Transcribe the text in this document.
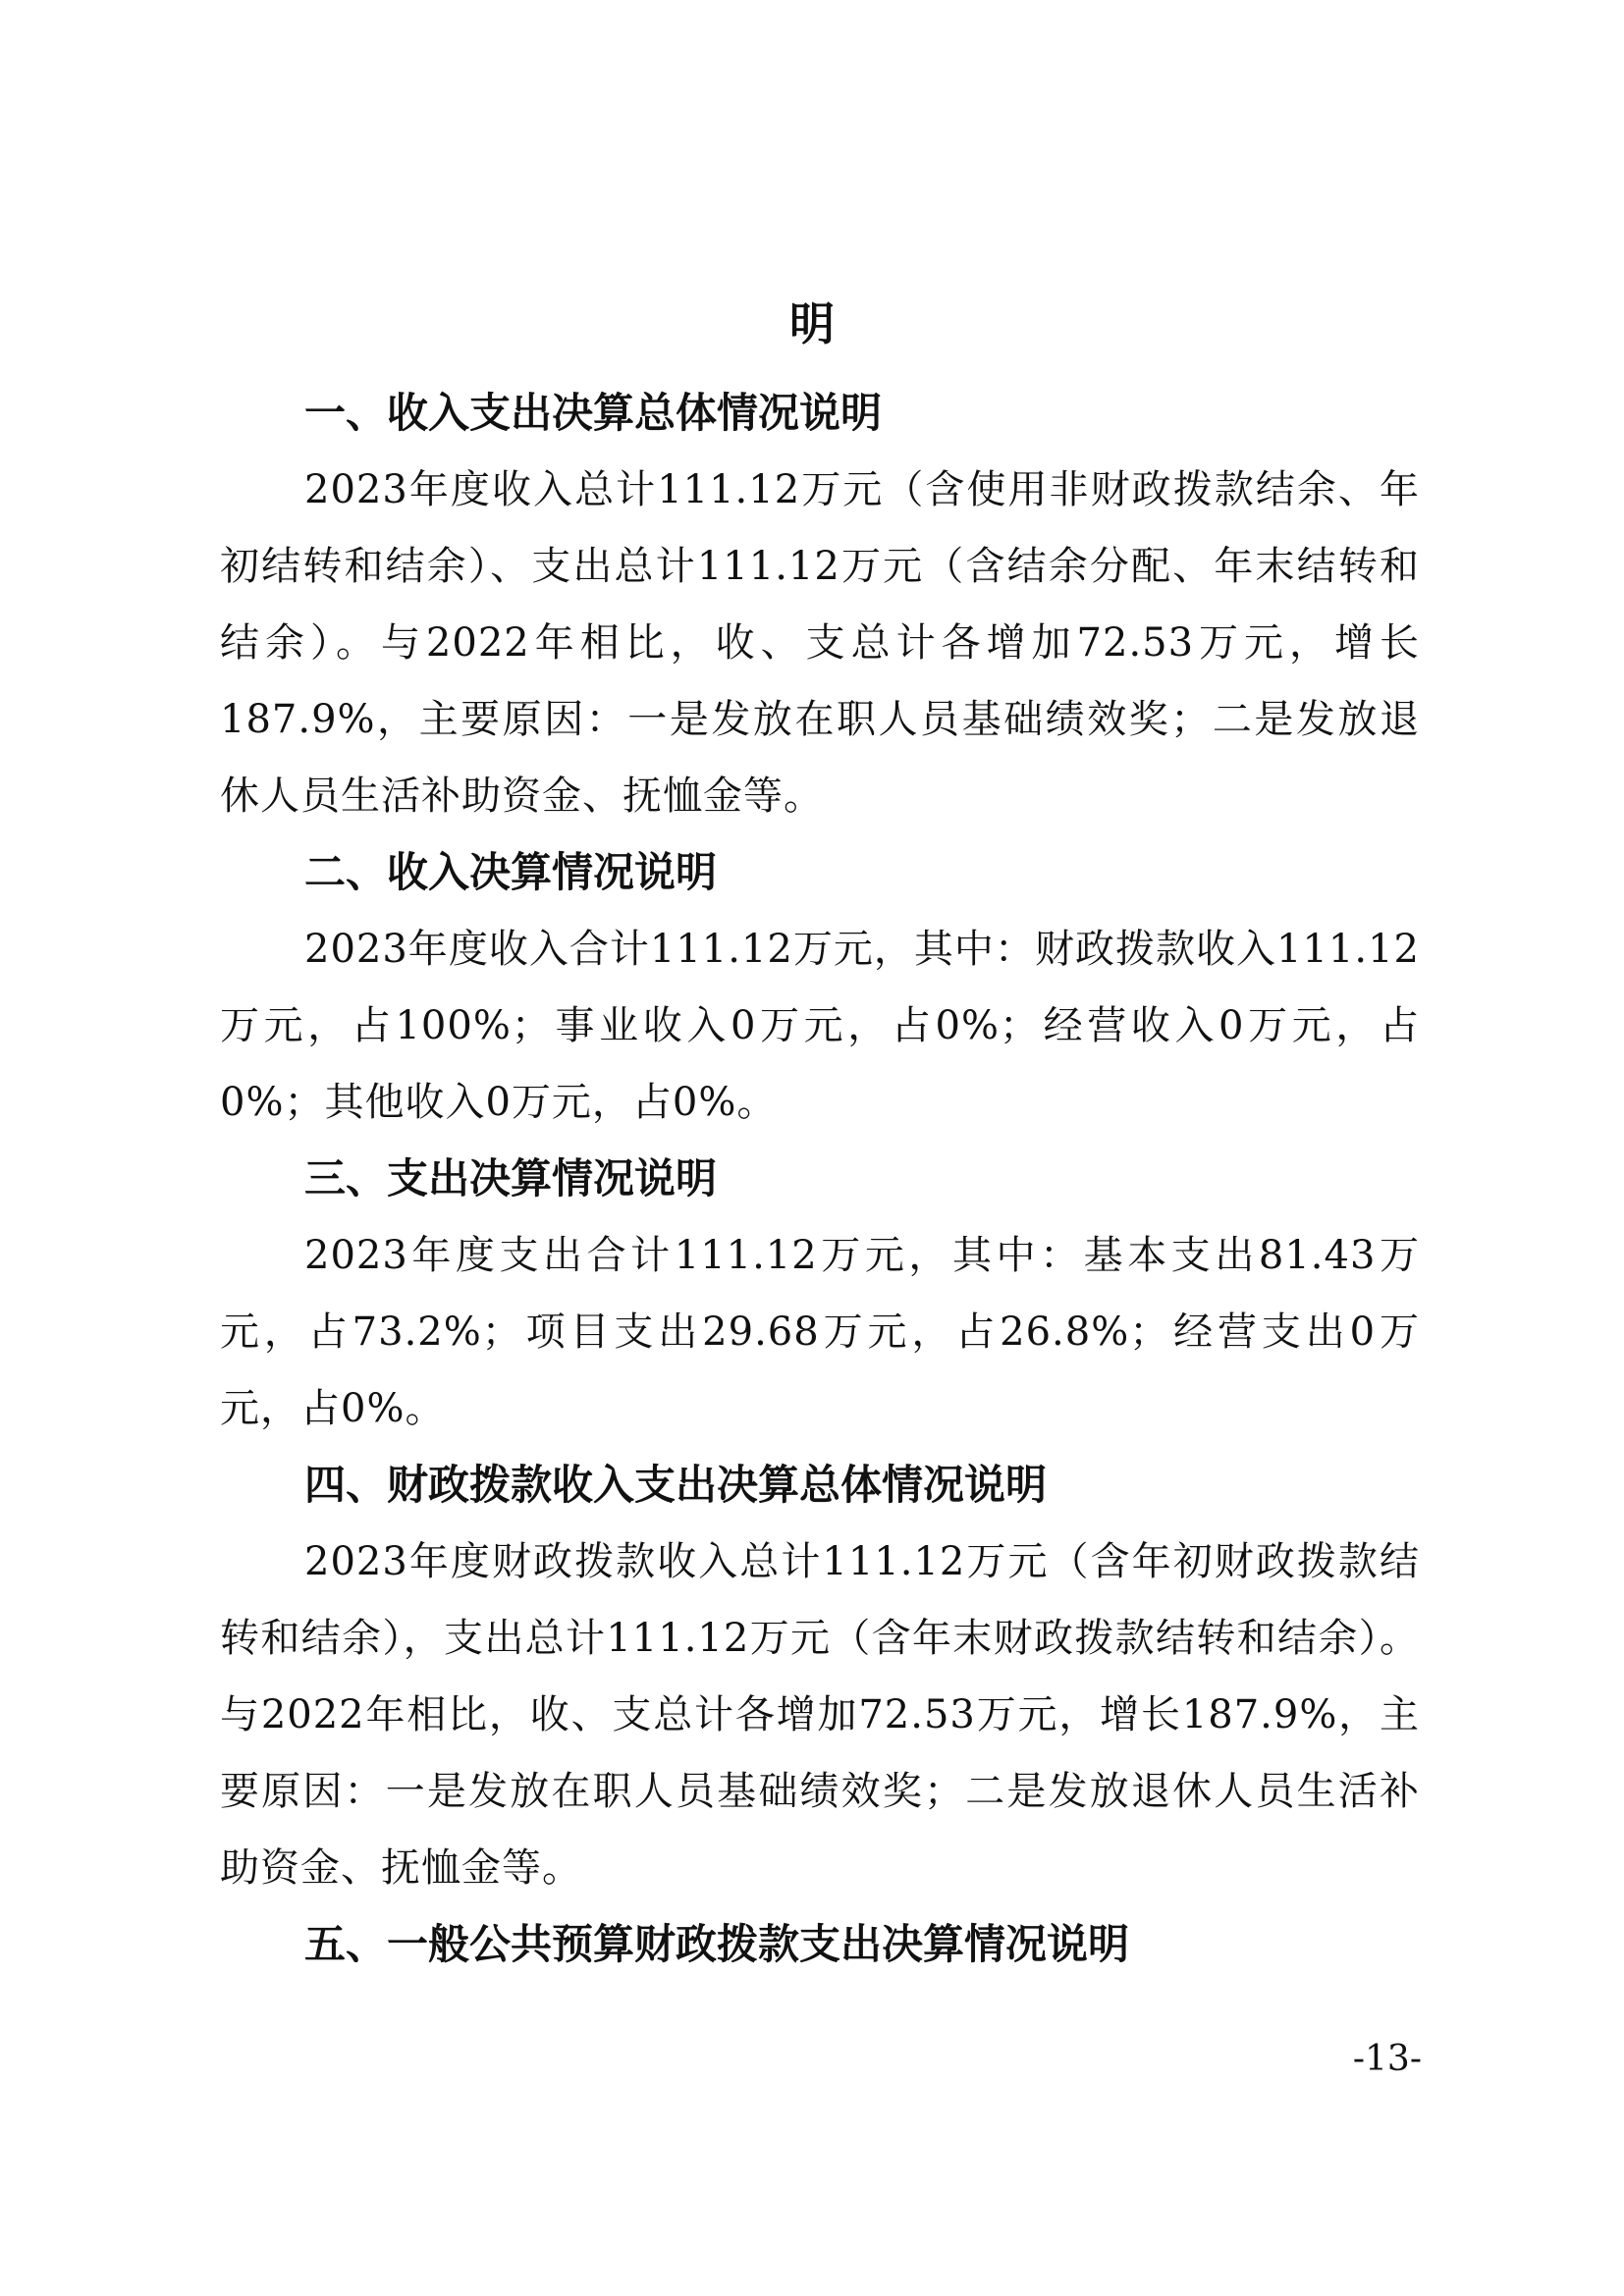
明
一、收入支出决算总体情况说明

2023年度收入总计111.12万元（含使用非财政拨款结余、年初结转和结余）、支出总计111.12万元（含结余分配、年末结转和结余）。与2022年相比，收、支总计各增加72.53万元，增长187.9%，主要原因：一是发放在职人员基础绩效奖；二是发放退休人员生活补助资金、抚恤金等。

二、收入决算情况说明

2023年度收入合计111.12万元，其中：财政拨款收入111.12万元，占100%；事业收入0万元，占0%；经营收入0万元，占0%；其他收入0万元，占0%。

三、支出决算情况说明

2023年度支出合计111.12万元，其中：基本支出81.43万元，占73.2%；项目支出29.68万元，占26.8%；经营支出0万元，占0%。

四、财政拨款收入支出决算总体情况说明

2023年度财政拨款收入总计111.12万元（含年初财政拨款结转和结余），支出总计111.12万元（含年末财政拨款结转和结余）。与2022年相比，收、支总计各增加72.53万元，增长187.9%，主要原因：一是发放在职人员基础绩效奖；二是发放退休人员生活补助资金、抚恤金等。

五、一般公共预算财政拨款支出决算情况说明
-13-
